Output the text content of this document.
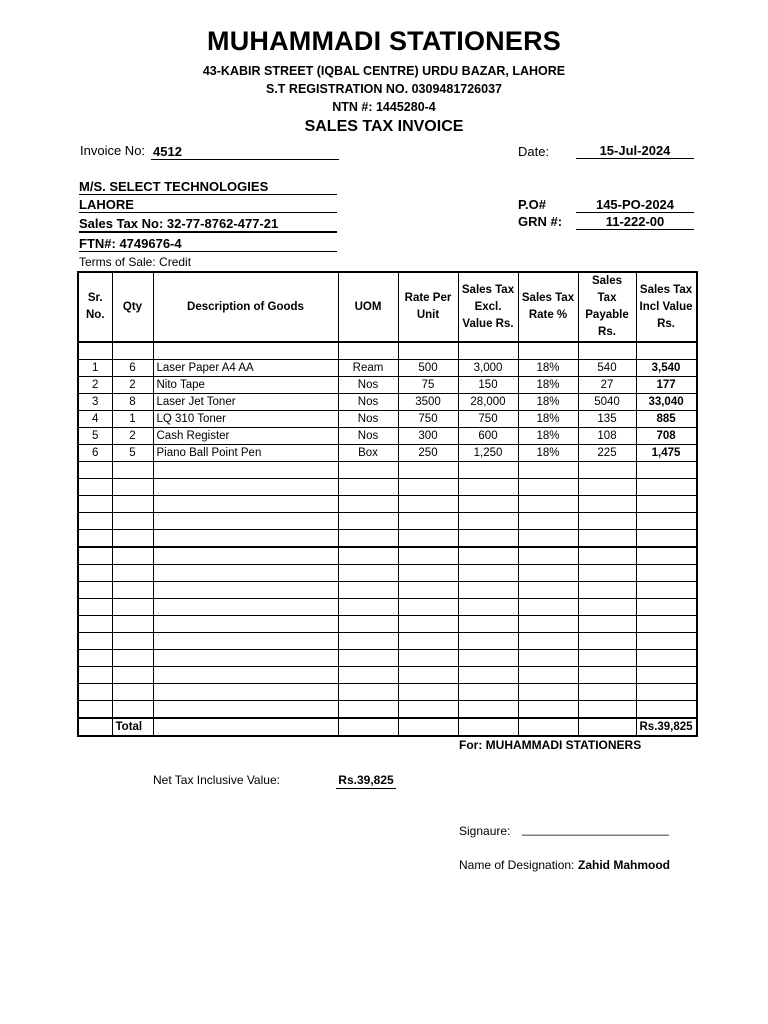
MUHAMMADI STATIONERS
43-KABIR STREET (IQBAL CENTRE) URDU BAZAR, LAHORE
S.T REGISTRATION NO. 0309481726037
NTN #: 1445280-4
SALES TAX INVOICE
Invoice No: 4512	Date:	15-Jul-2024
M/S. SELECT TECHNOLOGIES
LAHORE
Sales Tax No: 32-77-8762-477-21
FTN#: 4749676-4
Terms of Sale: Credit
P.O#	145-PO-2024
GRN #:	11-222-00
Sr. No.	Qty	Description of Goods	UOM	Rate Per Unit	Sales Tax Excl. Value Rs.	Sales Tax Rate %	Sales Tax Payable Rs.	Sales Tax Incl Value Rs.

1	6	Laser Paper A4 AA	Ream	500	3,000	18%	540	3,540
2	2	Nito Tape	Nos	75	150	18%	27	177
3	8	Laser Jet Toner	Nos	3500	28,000	18%	5040	33,040
4	1	LQ 310 Toner	Nos	750	750	18%	135	885
5	2	Cash Register	Nos	300	600	18%	108	708
6	5	Piano Ball Point Pen	Box	250	1,250	18%	225	1,475

	Total							Rs.39,825
For: MUHAMMADI STATIONERS
Net Tax Inclusive Value:	Rs.39,825
Signaure: ______________________
Name of Designation: Zahid Mahmood
